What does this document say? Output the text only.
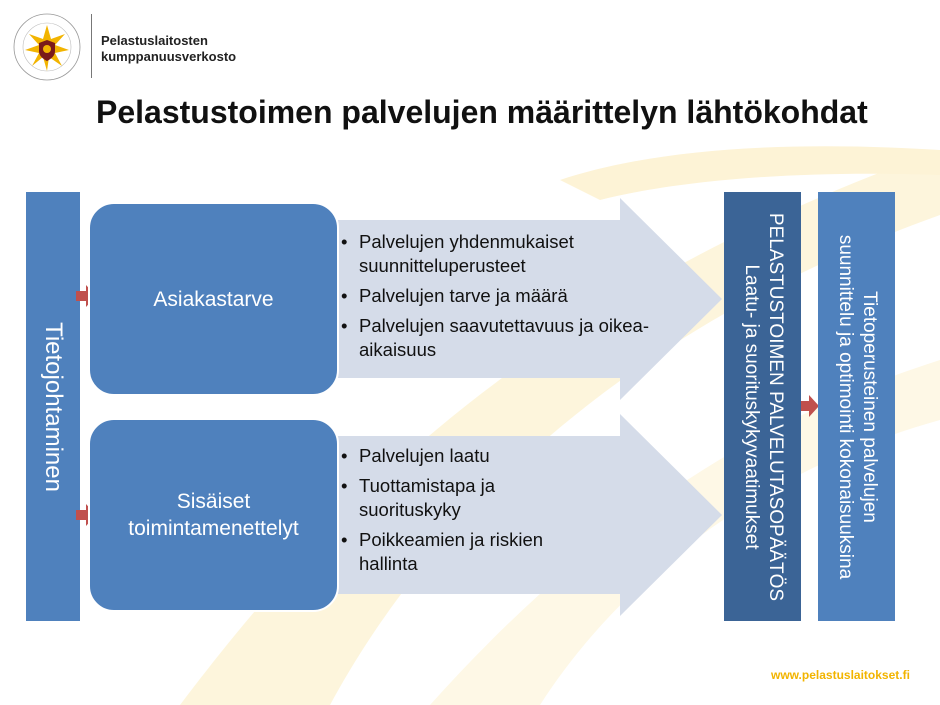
Pelastuslaitosten
kumppanuusverkosto
Pelastustoimen palvelujen määrittelyn lähtökohdat
Tietojohtaminen
Asiakastarve
Sisäiset toimintamenettelyt
• Palvelujen yhdenmukaiset suunnitteluperusteet
• Palvelujen tarve ja määrä
• Palvelujen saavutettavuus ja oikea-aikaisuus
• Palvelujen laatu
• Tuottamistapa ja suorituskyky
• Poikkeamien ja riskien hallinta	PELASTUSTOIMEN PALVELUTASOPÄÄTÖS
Laatu- ja suorituskykyvaatimukset	Tietoperusteinen palvelujen
suunnittelu ja optimointi kokonaisuuksina
www.pelastuslaitokset.fi
